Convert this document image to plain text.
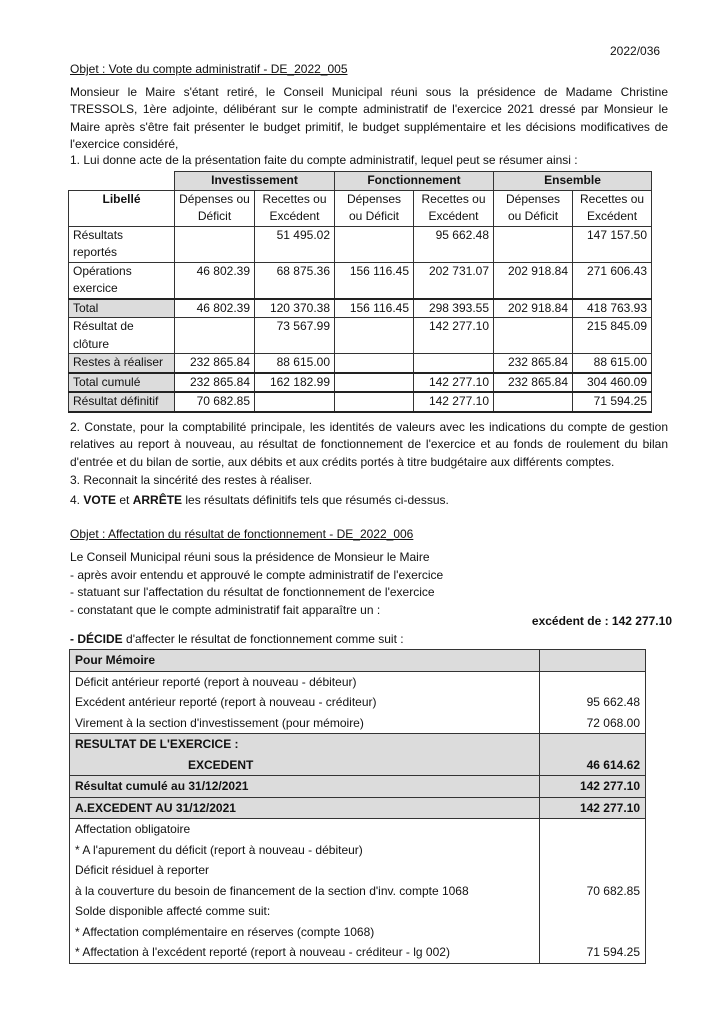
2022/036
Objet : Vote du compte administratif - DE_2022_005
Monsieur le Maire s'étant retiré, le Conseil Municipal réuni sous la présidence de Madame Christine TRESSOLS, 1ère adjointe, délibérant sur le compte administratif de l'exercice 2021 dressé par Monsieur le Maire après s'être fait présenter le budget primitif, le budget supplémentaire et les décisions modificatives de l'exercice considéré,
1. Lui donne acte de la présentation faite du compte administratif, lequel peut se résumer ainsi :
	Investissement		Fonctionnement		Ensemble	
Libellé	Dépenses ou Déficit	Recettes ou Excédent	Dépenses ou Déficit	Recettes ou Excédent	Dépenses ou Déficit	Recettes ou Excédent
Résultats reportés		51 495.02		95 662.48		147 157.50
Opérations exercice	46 802.39	68 875.36	156 116.45	202 731.07	202 918.84	271 606.43
Total	46 802.39	120 370.38	156 116.45	298 393.55	202 918.84	418 763.93
Résultat de clôture		73 567.99		142 277.10		215 845.09
Restes à réaliser	232 865.84	88 615.00			232 865.84	88 615.00
Total cumulé	232 865.84	162 182.99		142 277.10	232 865.84	304 460.09
Résultat définitif	70 682.85			142 277.10		71 594.25
2. Constate, pour la comptabilité principale, les identités de valeurs avec les indications du compte de gestion relatives au report à nouveau, au résultat de fonctionnement de l'exercice et au fonds de roulement du bilan d'entrée et du bilan de sortie, aux débits et aux crédits portés à titre budgétaire aux différents comptes.
3. Reconnait la sincérité des restes à réaliser.
4. VOTE et ARRÊTE les résultats définitifs tels que résumés ci-dessus.
Objet : Affectation du résultat de fonctionnement - DE_2022_006
Le Conseil Municipal réuni sous la présidence de Monsieur le Maire
- après avoir entendu et approuvé le compte administratif de l'exercice
- statuant sur l'affectation du résultat de fonctionnement de l'exercice
- constatant que le compte administratif fait apparaître un :
excédent de : 142 277.10
- DÉCIDE d'affecter le résultat de fonctionnement comme suit :
Pour Mémoire	
Déficit antérieur reporté (report à nouveau - débiteur)	
Excédent antérieur reporté (report à nouveau - créditeur)	95 662.48
Virement à la section d'investissement (pour mémoire)	72 068.00
RESULTAT DE L'EXERCICE :	
EXCEDENT	46 614.62
Résultat cumulé au 31/12/2021	142 277.10
A.EXCEDENT AU 31/12/2021	142 277.10
Affectation obligatoire	
* A l'apurement du déficit (report à nouveau - débiteur)	
Déficit résiduel à reporter	
à la couverture du besoin de financement de la section d'inv. compte 1068	70 682.85
Solde disponible affecté comme suit:	
* Affectation complémentaire en réserves (compte 1068)	
* Affectation à l'excédent reporté (report à nouveau - créditeur - lg 002)	71 594.25
